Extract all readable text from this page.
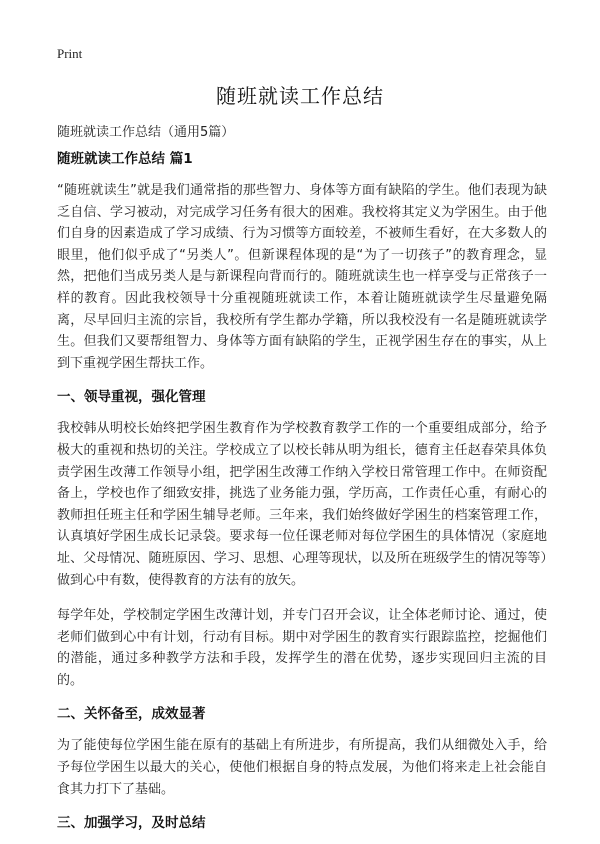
Print
随班就读工作总结
随班就读工作总结（通用5篇）
随班就读工作总结 篇1

“随班就读生”就是我们通常指的那些智力、身体等方面有缺陷的学生。他们表现为缺乏自信、学习被动，对完成学习任务有很大的困难。我校将其定义为学困生。由于他们自身的因素造成了学习成绩、行为习惯等方面较差，不被师生看好，在大多数人的眼里，他们似乎成了“另类人”。但新课程体现的是“为了一切孩子”的教育理念，显然，把他们当成另类人是与新课程向背而行的。随班就读生也一样享受与正常孩子一样的教育。因此我校领导十分重视随班就读工作，本着让随班就读学生尽量避免隔离，尽早回归主流的宗旨，我校所有学生都办学籍，所以我校没有一名是随班就读学生。但我们又要帮组智力、身体等方面有缺陷的学生，正视学困生存在的事实，从上到下重视学困生帮扶工作。

一、领导重视，强化管理

我校韩从明校长始终把学困生教育作为学校教育教学工作的一个重要组成部分，给予极大的重视和热切的关注。学校成立了以校长韩从明为组长，德育主任赵春荣具体负责学困生改薄工作领导小组，把学困生改薄工作纳入学校日常管理工作中。在师资配备上，学校也作了细致安排，挑选了业务能力强，学历高，工作责任心重，有耐心的教师担任班主任和学困生辅导老师。三年来，我们始终做好学困生的档案管理工作，认真填好学困生成长记录袋。要求每一位任课老师对每位学困生的具体情况（家庭地址、父母情况、随班原因、学习、思想、心理等现状，以及所在班级学生的情况等等）做到心中有数，使得教育的方法有的放矢。

每学年处，学校制定学困生改薄计划，并专门召开会议，让全体老师讨论、通过，使老师们做到心中有计划，行动有目标。期中对学困生的教育实行跟踪监控，挖掘他们的潜能，通过多种教学方法和手段，发挥学生的潜在优势，逐步实现回归主流的目的。

二、关怀备至，成效显著

为了能使每位学困生能在原有的基础上有所进步，有所提高，我们从细微处入手，给予每位学困生以最大的关心，使他们根据自身的特点发展，为他们将来走上社会能自食其力打下了基础。

三、加强学习，及时总结
